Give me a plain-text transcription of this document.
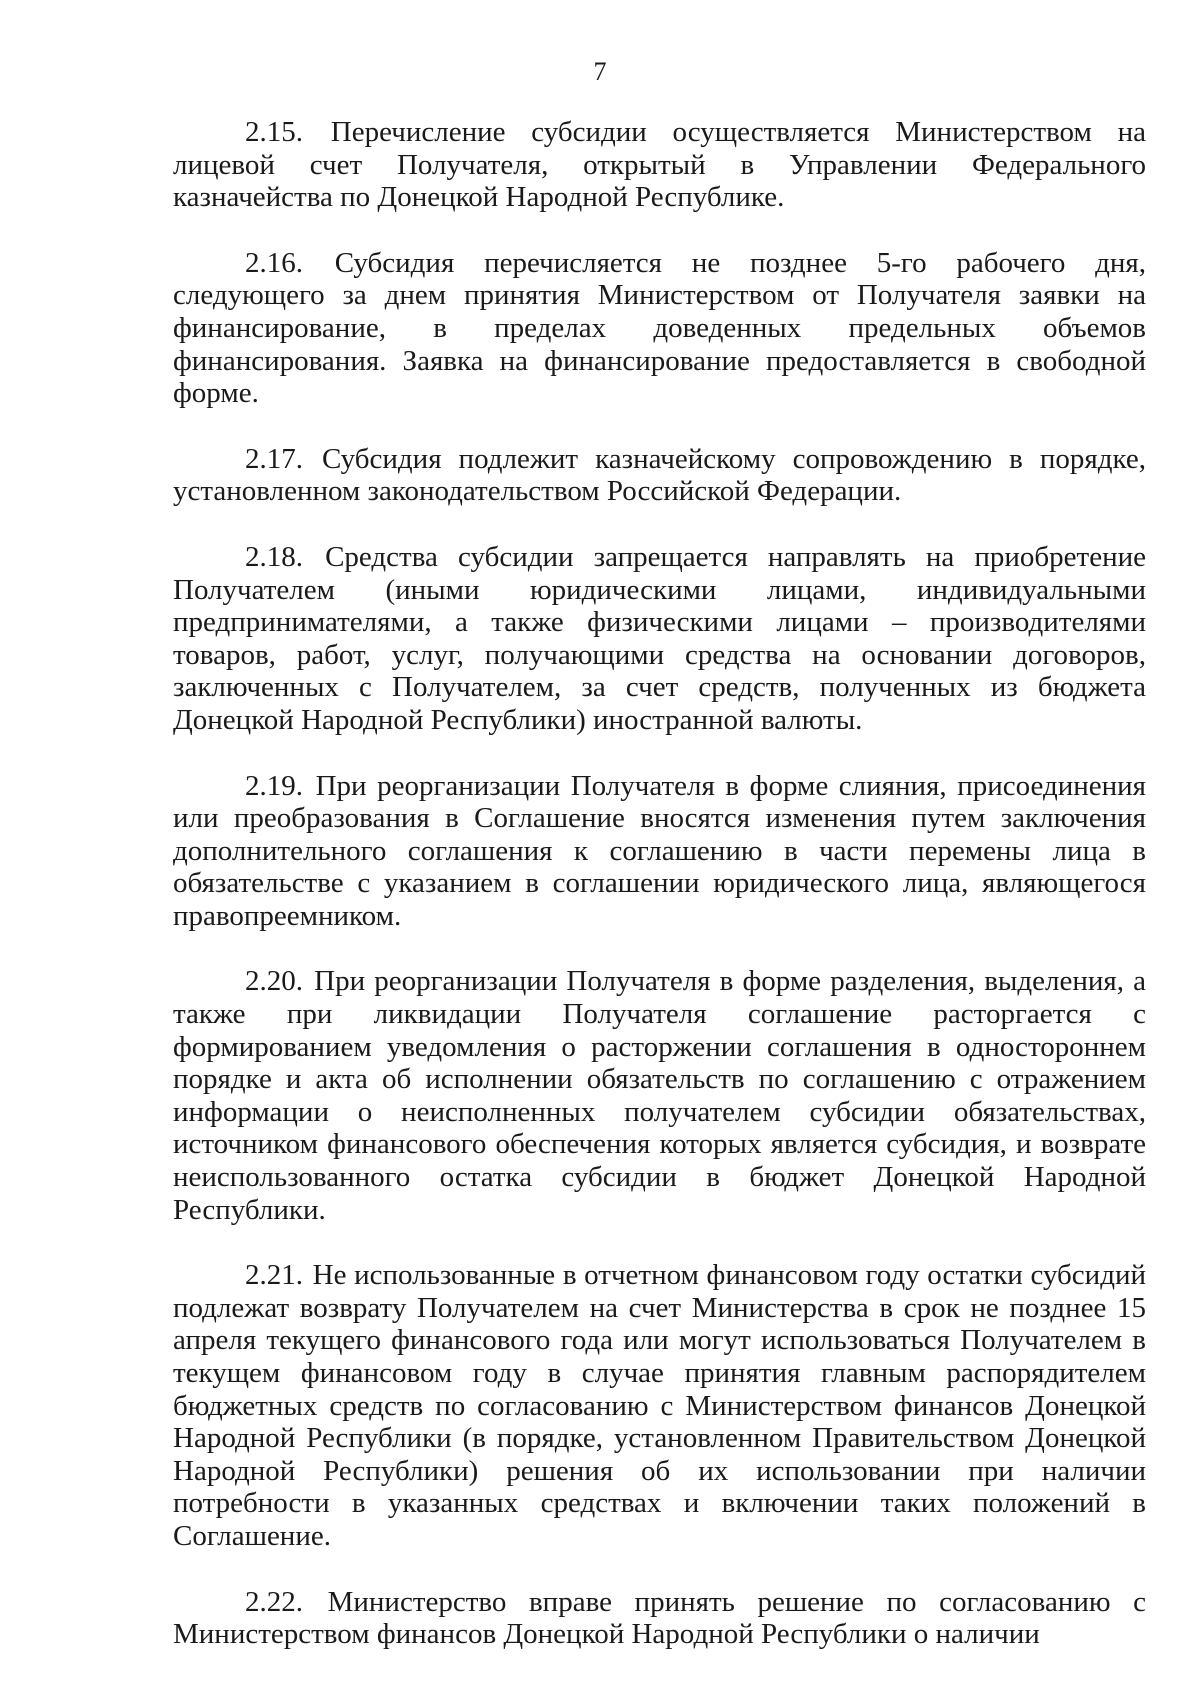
7

2.15. Перечисление субсидии осуществляется Министерством на лицевой счет Получателя, открытый в Управлении Федерального казначейства по Донецкой Народной Республике.

2.16. Субсидия перечисляется не позднее 5-го рабочего дня, следующего за днем принятия Министерством от Получателя заявки на финансирование, в пределах доведенных предельных объемов финансирования. Заявка на финансирование предоставляется в свободной форме.

2.17. Субсидия подлежит казначейскому сопровождению в порядке, установленном законодательством Российской Федерации.

2.18. Средства субсидии запрещается направлять на приобретение Получателем (иными юридическими лицами, индивидуальными предпринимателями, а также физическими лицами – производителями товаров, работ, услуг, получающими средства на основании договоров, заключенных с Получателем, за счет средств, полученных из бюджета Донецкой Народной Республики) иностранной валюты.

2.19. При реорганизации Получателя в форме слияния, присоединения или преобразования в Соглашение вносятся изменения путем заключения дополнительного соглашения к соглашению в части перемены лица в обязательстве с указанием в соглашении юридического лица, являющегося правопреемником.

2.20. При реорганизации Получателя в форме разделения, выделения, а также при ликвидации Получателя соглашение расторгается с формированием уведомления о расторжении соглашения в одностороннем порядке и акта об исполнении обязательств по соглашению с отражением информации о неисполненных получателем субсидии обязательствах, источником финансового обеспечения которых является субсидия, и возврате неиспользованного остатка субсидии в бюджет Донецкой Народной Республики.

2.21. Не использованные в отчетном финансовом году остатки субсидий подлежат возврату Получателем на счет Министерства в срок не позднее 15 апреля текущего финансового года или могут использоваться Получателем в текущем финансовом году в случае принятия главным распорядителем бюджетных средств по согласованию с Министерством финансов Донецкой Народной Республики (в порядке, установленном Правительством Донецкой Народной Республики) решения об их использовании при наличии потребности в указанных средствах и включении таких положений в Соглашение.

2.22. Министерство вправе принять решение по согласованию с Министерством финансов Донецкой Народной Республики о наличии
